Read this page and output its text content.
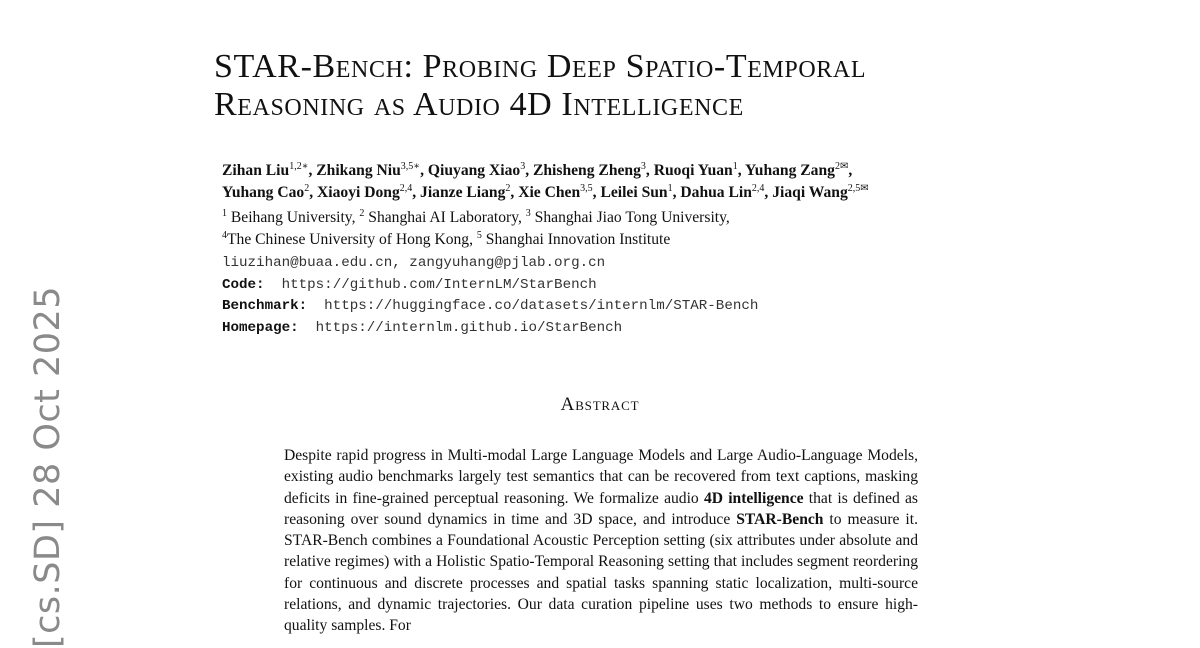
[cs.SD] 28 Oct 2025
STAR-Bench: Probing Deep Spatio-Temporal
Reasoning as Audio 4D Intelligence
Zihan Liu$^{1,2∗}$, Zhikang Niu$^{3,5∗}$, Qiuyang Xiao$^3$, Zhisheng Zheng$^3$, Ruoqi Yuan$^1$, Yuhang Zang$^{2✉}$,
Yuhang Cao$^2$, Xiaoyi Dong$^{2,4}$, Jianze Liang$^2$, Xie Chen$^{3,5}$, Leilei Sun$^1$, Dahua Lin$^{2,4}$, Jiaqi Wang$^{2,5✉}$
$^1$ Beihang University, $^2$ Shanghai AI Laboratory, $^3$ Shanghai Jiao Tong University,
$^4$The Chinese University of Hong Kong, $^5$ Shanghai Innovation Institute
liuzihan@buaa.edu.cn, zangyuhang@pjlab.org.cn
Code: https://github.com/InternLM/StarBench
Benchmark: https://huggingface.co/datasets/internlm/STAR-Bench
Homepage: https://internlm.github.io/StarBench
Abstract

Despite rapid progress in Multi-modal Large Language Models and Large Audio-Language Models, existing audio benchmarks largely test semantics that can be recovered from text captions, masking deficits in fine-grained perceptual reasoning. We formalize audio 4D intelligence that is defined as reasoning over sound dynamics in time and 3D space, and introduce STAR-Bench to measure it. STAR-Bench combines a Foundational Acoustic Perception setting (six attributes under absolute and relative regimes) with a Holistic Spatio-Temporal Reasoning setting that includes segment reordering for continuous and discrete processes and spatial tasks spanning static localization, multi-source relations, and dynamic trajectories. Our data curation pipeline uses two methods to ensure high-quality samples. For
